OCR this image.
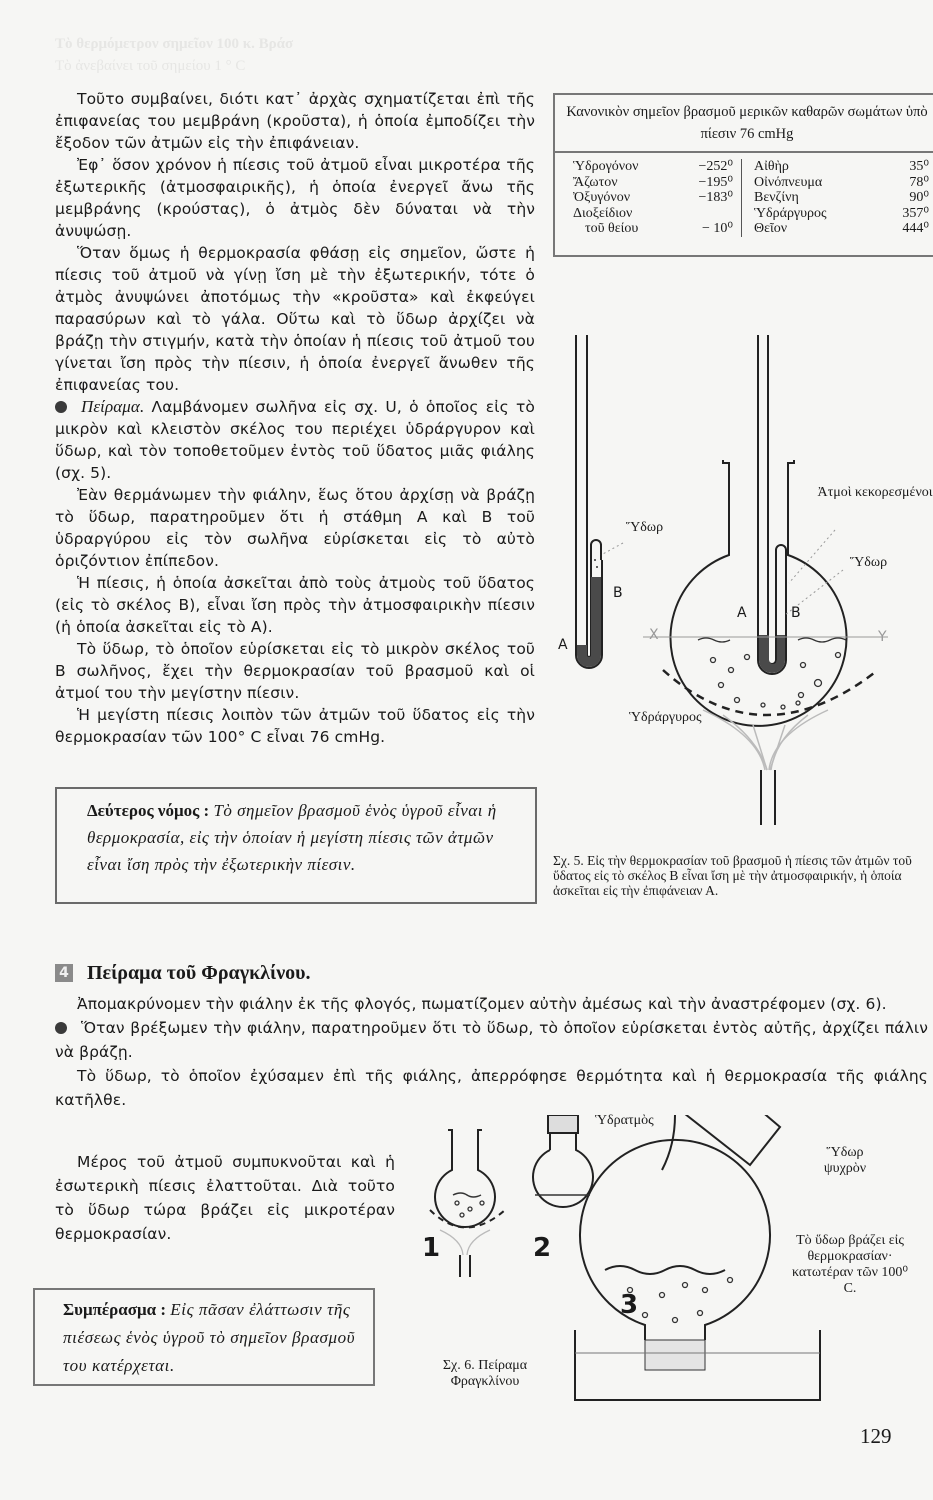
Τὸ θερμόμετρον σημεῖον 100 κ. Βράσ
Τὸ ἀνεβαίνει τοῦ σημείου 1 ° C

Τοῦτο συμβαίνει, διότι κατ᾽ ἀρχὰς σχηματίζεται ἐπὶ τῆς ἐπιφανείας του μεμβράνη (κροῦστα), ἡ ὁποία ἐμποδίζει τὴν ἔξοδον τῶν ἀτμῶν εἰς τὴν ἐπιφάνειαν.

Ἐφ᾽ ὅσον χρόνον ἡ πίεσις τοῦ ἀτμοῦ εἶναι μικροτέρα τῆς ἐξωτερικῆς (ἀτμοσφαιρικῆς), ἡ ὁποία ἐνεργεῖ ἄνω τῆς μεμβράνης (κρούστας), ὁ ἀτμὸς δὲν δύναται νὰ τὴν ἀνυψώσῃ.

Ὅταν ὅμως ἡ θερμοκρασία φθάσῃ εἰς σημεῖον, ὥστε ἡ πίεσις τοῦ ἀτμοῦ νὰ γίνῃ ἴση μὲ τὴν ἐξωτερικήν, τότε ὁ ἀτμὸς ἀνυψώνει ἀποτόμως τὴν «κροῦστα» καὶ ἐκφεύγει παρασύρων καὶ τὸ γάλα. Οὕτω καὶ τὸ ὕδωρ ἀρχίζει νὰ βράζῃ τὴν στιγμήν, κατὰ τὴν ὁποίαν ἡ πίεσις τοῦ ἀτμοῦ του γίνεται ἴση πρὸς τὴν πίεσιν, ἡ ὁποία ἐνεργεῖ ἄνωθεν τῆς ἐπιφανείας του.

Πείραμα. Λαμβάνομεν σωλῆνα εἰς σχ. U, ὁ ὁποῖος εἰς τὸ μικρὸν καὶ κλειστὸν σκέλος του περιέχει ὑδράργυρον καὶ ὕδωρ, καὶ τὸν τοποθετοῦμεν ἐντὸς τοῦ ὕδατος μιᾶς φιάλης (σχ. 5).

Ἐὰν θερμάνωμεν τὴν φιάλην, ἕως ὅτου ἀρχίσῃ νὰ βράζῃ τὸ ὕδωρ, παρατηροῦμεν ὅτι ἡ στάθμη Α καὶ Β τοῦ ὑδραργύρου εἰς τὸν σωλῆνα εὑρίσκεται εἰς τὸ αὐτὸ ὁριζόντιον ἐπίπεδον.

Ἡ πίεσις, ἡ ὁποία ἀσκεῖται ἀπὸ τοὺς ἀτμοὺς τοῦ ὕδατος (εἰς τὸ σκέλος Β), εἶναι ἴση πρὸς τὴν ἀτμοσφαιρικὴν πίεσιν (ἡ ὁποία ἀσκεῖται εἰς τὸ Α).

Τὸ ὕδωρ, τὸ ὁποῖον εὑρίσκεται εἰς τὸ μικρὸν σκέλος τοῦ Β σωλῆνος, ἔχει τὴν θερμοκρασίαν τοῦ βρασμοῦ καὶ οἱ ἀτμοί του τὴν μεγίστην πίεσιν.

Ἡ μεγίστη πίεσις λοιπὸν τῶν ἀτμῶν τοῦ ὕδατος εἰς τὴν θερμοκρασίαν τῶν 100° C εἶναι 76 cmHg.

Δεύτερος νόμος : Τὸ σημεῖον βρασμοῦ ἑνὸς ὑγροῦ εἶναι ἡ θερμοκρασία, εἰς τὴν ὁποίαν ἡ μεγίστη πίεσις τῶν ἀτμῶν εἶναι ἴση πρὸς τὴν ἐξωτερικὴν πίεσιν.
Κανονικὸν σημεῖον βρασμοῦ μερικῶν καθαρῶν σωμάτων ὑπὸ πίεσιν 76 cmHg
Ὑδρογόνον	−252⁰
Ἄζωτον	−195⁰
Ὀξυγόνον	−183⁰
Διοξείδιον
τοῦ θείου	− 10⁰
Αἰθὴρ	35⁰
Οἰνόπνευμα	78⁰
Βενζίνη	90⁰
Ὑδράργυρος	357⁰
Θεῖον	444⁰
Ὕδωρ
Ἀτμοὶ κεκορεσμένοι
Ὕδωρ
Ὑδράργυρος
B
A
A	B
X	Y
Σχ. 5. Εἰς τὴν θερμοκρασίαν τοῦ βρασμοῦ ἡ πίεσις τῶν ἀτμῶν τοῦ ὕδατος εἰς τὸ σκέλος Β εἶναι ἴση μὲ τὴν ἀτμοσφαιρικήν, ἡ ὁποία ἀσκεῖται εἰς τὴν ἐπιφάνειαν Α.
4 Πείραμα τοῦ Φραγκλίνου.

Ἀπομακρύνομεν τὴν φιάλην ἐκ τῆς φλογός, πωματίζομεν αὐτὴν ἀμέσως καὶ τὴν ἀναστρέφομεν (σχ. 6).

Ὅταν βρέξωμεν τὴν φιάλην, παρατηροῦμεν ὅτι τὸ ὕδωρ, τὸ ὁποῖον εὑρίσκεται ἐντὸς αὐτῆς, ἀρχίζει πάλιν νὰ βράζῃ.

Τὸ ὕδωρ, τὸ ὁποῖον ἐχύσαμεν ἐπὶ τῆς φιάλης, ἀπερρόφησε θερμότητα καὶ ἡ θερμοκρασία τῆς φιάλης κατῆλθε.

Μέρος τοῦ ἀτμοῦ συμπυκνοῦται καὶ ἡ ἐσωτερικὴ πίεσις ἐλαττοῦται. Διὰ τοῦτο τὸ ὕδωρ τώρα βράζει εἰς μικροτέραν θερμοκρασίαν.

Συμπέρασμα : Εἰς πᾶσαν ἐλάττωσιν τῆς πιέσεως ἑνὸς ὑγροῦ τὸ σημεῖον βρασμοῦ του κατέρχεται.
Ὑδρατμὸς
Ὕδωρ ψυχρὸν
Τὸ ὕδωρ βράζει εἰς θερμοκρασίαν· κατωτέραν τῶν 100⁰ C.
1	2
3
Σχ. 6. Πείραμα Φραγκλίνου
129
